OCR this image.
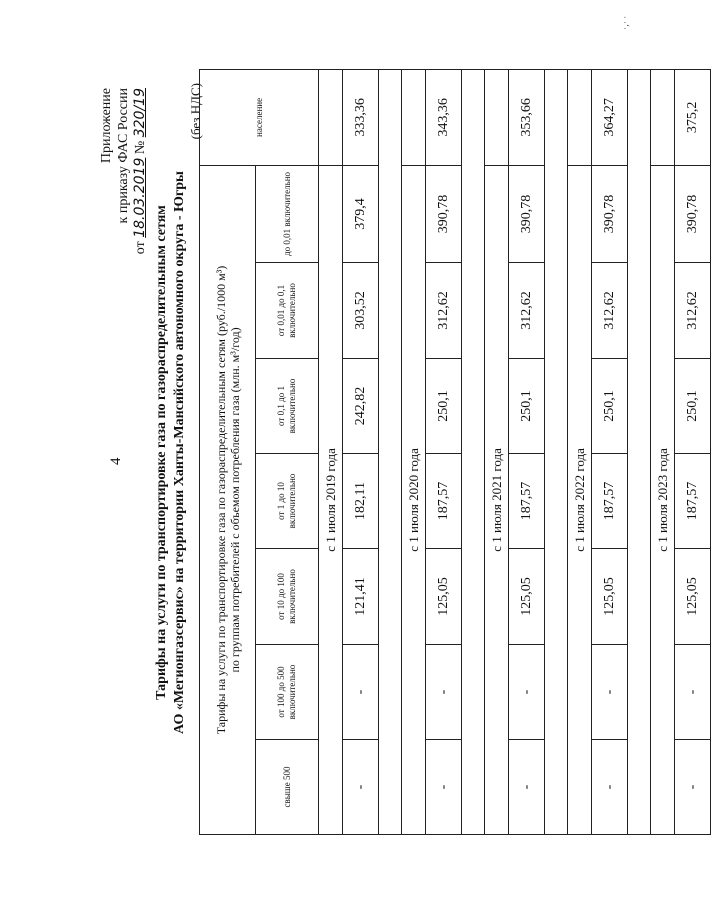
4
Приложение к приказу ФАС России
от 18.03.2019 № 320/19
Тарифы на услуги по транспортировке газа по газораспределительным сетям АО «Мегионгазсервис» на территории Ханты-Мансийского автономного округа - Югры
(без НДС)
Тарифы на услуги по транспортировке газа по газораспределительным сетям (руб./1000 м³) по группам потребителей с объемом потребления газа (млн. м³/год)							население
свыше 500	от 100 до 500 включительно	от 10 до 100 включительно	от 1 до 10 включительно	от 0,1 до 1 включительно	от 0,01 до 0,1 включительно	до 0,01 включительно	
с 1 июля 2019 года							
-	-	121,41	182,11	242,82	303,52	379,4	333,36

с 1 июля 2020 года							
-	-	125,05	187,57	250,1	312,62	390,78	343,36

с 1 июля 2021 года							
-	-	125,05	187,57	250,1	312,62	390,78	353,66

с 1 июля 2022 года							
-	-	125,05	187,57	250,1	312,62	390,78	364,27

с 1 июля 2023 года							
-	-	125,05	187,57	250,1	312,62	390,78	375,2
·‚· ·
